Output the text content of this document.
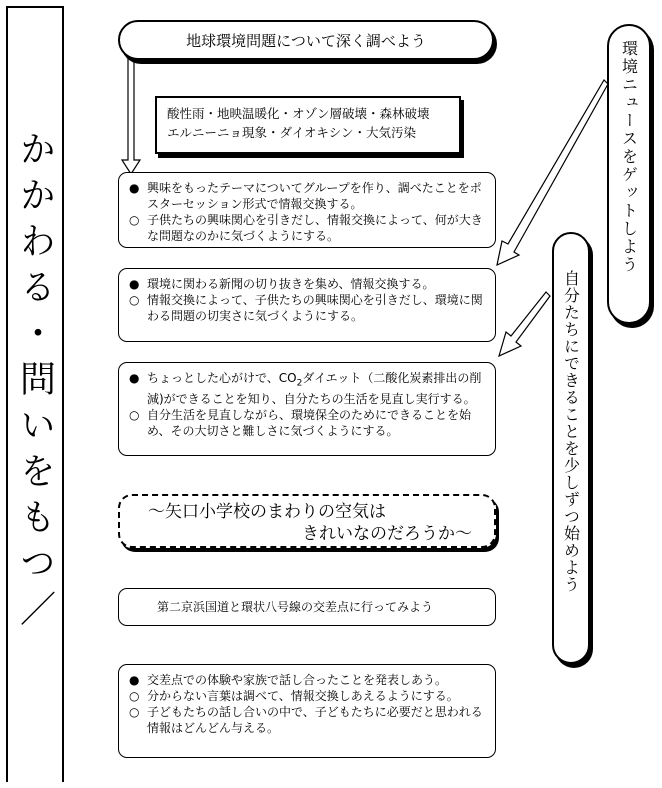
かかわる・問いをもつ／
地球環境問題について深く調べよう
酸性雨・地映温暖化・オゾン層破壊・森林破壊
エルニーニョ現象・ダイオキシン・大気汚染
● 興味をもったテーマについてグループを作り、調べたことをポスターセッション形式で情報交換する。
○ 子供たちの興味関心を引きだし、情報交換によって、何が大きな問題なのかに気づくようにする。
● 環境に関わる新聞の切り抜きを集め、情報交換する。
○ 情報交換によって、子供たちの興味関心を引きだし、環境に関わる問題の切実さに気づくようにする。
● ちょっとした心がけで、$CO_2$ダイエット（二酸化炭素排出の削減)ができることを知り、自分たちの生活を見直し実行する。
○ 自分生活を見直しながら、環境保全のためにできることを始め、その大切さと難しさに気づくようにする。
～矢口小学校のまわりの空気は
きれいなのだろうか～
第二京浜国道と環状八号線の交差点に行ってみよう
● 交差点での体験や家族で話し合ったことを発表しあう。
○ 分からない言葉は調べて、情報交換しあえるようにする。
○ 子どもたちの話し合いの中で、子どもたちに必要だと思われる情報はどんどん与える。
環境ニュースをゲットしよう
自分たちにできることを少しずつ始めよう
